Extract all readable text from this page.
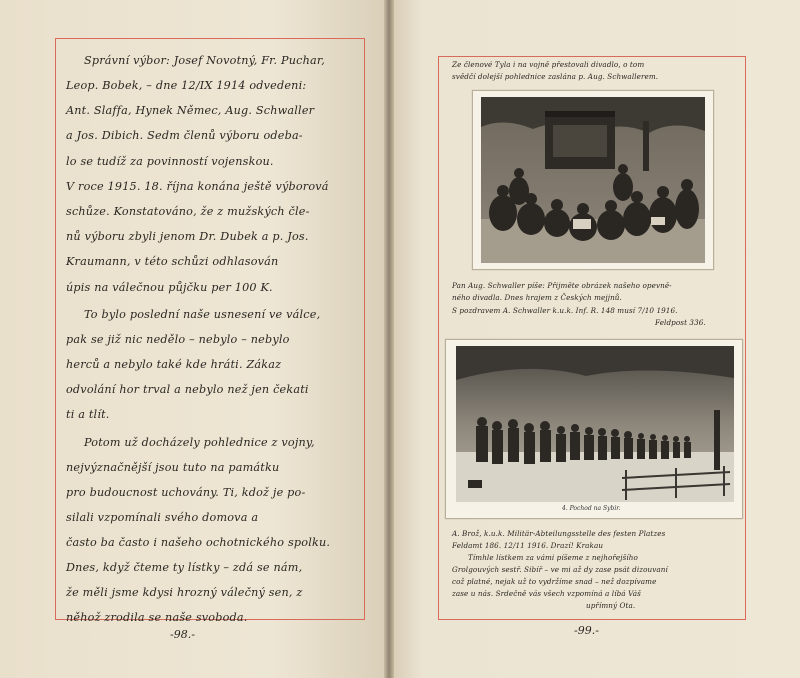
Správní výbor: Josef Novotný, Fr. Puchar,
Leop. Bobek, – dne 12/IX 1914 odvedeni:
Ant. Slaffa, Hynek Němec, Aug. Schwaller
a Jos. Dibich. Sedm členů výboru odeba-
lo se tudíž za povinností vojenskou.
V roce 1915. 18. října konána ještě výborová
schůze. Konstatováno, že z mužských čle-
nů výboru zbyli jenom Dr. Dubek a p. Jos.
Kraumann, v této schůzi odhlasován
úpis na válečnou půjčku per 100 K.
To bylo poslední naše usnesení ve válce,
pak se již nic nedělo – nebylo – nebylo
herců a nebylo také kde hráti. Zákaz
odvolání hor trval a nebylo než jen čekati
ti a tlít.
Potom už docházely pohlednice z vojny,
nejvýznačnější jsou tuto na památku
pro budoucnost uchovány. Ti, kdož je po-
silali vzpomínali svého domova a
často ba často i našeho ochotnického spolku.
Dnes, když čteme ty lístky – zdá se nám,
že měli jsme kdysi hrozný válečný sen, z
něhož zrodila se naše svoboda.
-98.-
Ze členové Tyla i na vojně přestovali divadlo, o tom
svědčí dolejší pohlednice zaslána p. Aug. Schwallerem.
Pan Aug. Schwaller píše: Přijměte obrázek našeho opevně-
ného divadla. Dnes hrajem z Českých mejjnů.
S pozdravem A. Schwaller k.u.k. Inf. R. 148 musí 7/10 1916.
Feldpost 336.
4. Pochod na Sybir.
A. Brož, k.u.k. Militär-Abteilungsstelle des festen Platzes
Feldamt 186. 12/11 1916. Drazí! Krakau
Tímhle lístkem za vámi píšeme z nejhořejšího
Grolgouvých sestř. Sibíř – ve mi až dy zase psát dizouvaní
což platné, nejak už to vydržíme snad – než dozpívame
zase u nás. Srdečně vás všech vzpomíná a líbá Váš
upřímný Ota.
-99.-
